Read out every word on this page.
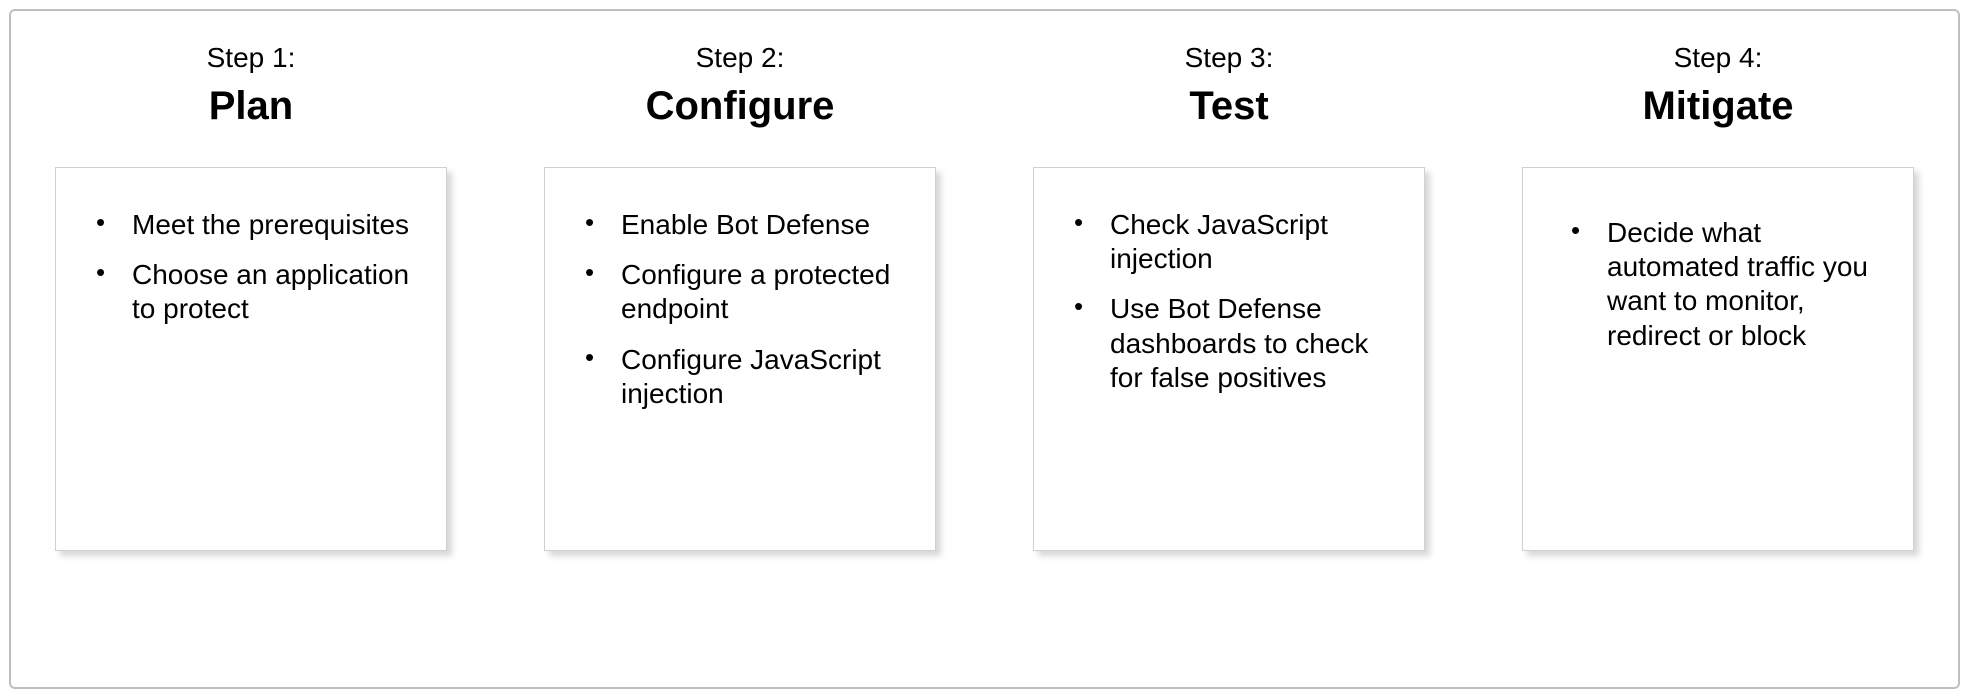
Step 1:
Plan
• Meet the prerequisites
• Choose an application to protect
Step 2:
Configure
• Enable Bot Defense
• Configure a protected endpoint
• Configure JavaScript injection
Step 3:
Test
• Check JavaScript injection
• Use Bot Defense dashboards to check for false positives
Step 4:
Mitigate
• Decide what automated traffic you want to monitor, redirect or block
